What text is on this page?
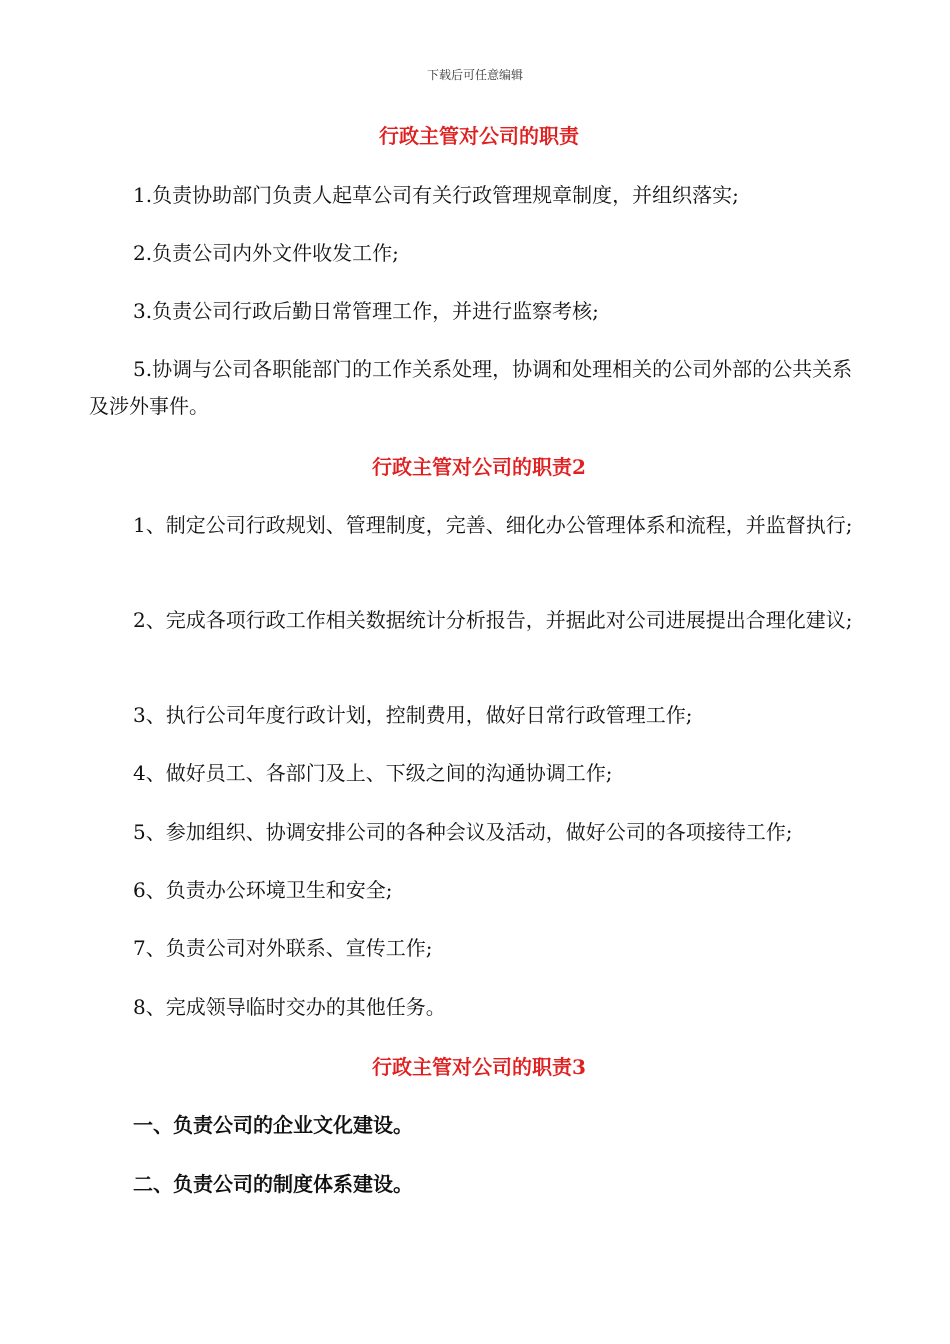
下载后可任意编辑
行政主管对公司的职责
1.负责协助部门负责人起草公司有关行政管理规章制度，并组织落实;
2.负责公司内外文件收发工作;
3.负责公司行政后勤日常管理工作，并进行监察考核;
5.协调与公司各职能部门的工作关系处理，协调和处理相关的公司外部的公共关系及涉外事件。
行政主管对公司的职责2
1、制定公司行政规划、管理制度，完善、细化办公管理体系和流程，并监督执行;
2、完成各项行政工作相关数据统计分析报告，并据此对公司进展提出合理化建议;
3、执行公司年度行政计划，控制费用，做好日常行政管理工作;
4、做好员工、各部门及上、下级之间的沟通协调工作;
5、参加组织、协调安排公司的各种会议及活动，做好公司的各项接待工作;
6、负责办公环境卫生和安全;
7、负责公司对外联系、宣传工作;
8、完成领导临时交办的其他任务。
行政主管对公司的职责3
一、负责公司的企业文化建设。
二、负责公司的制度体系建设。
